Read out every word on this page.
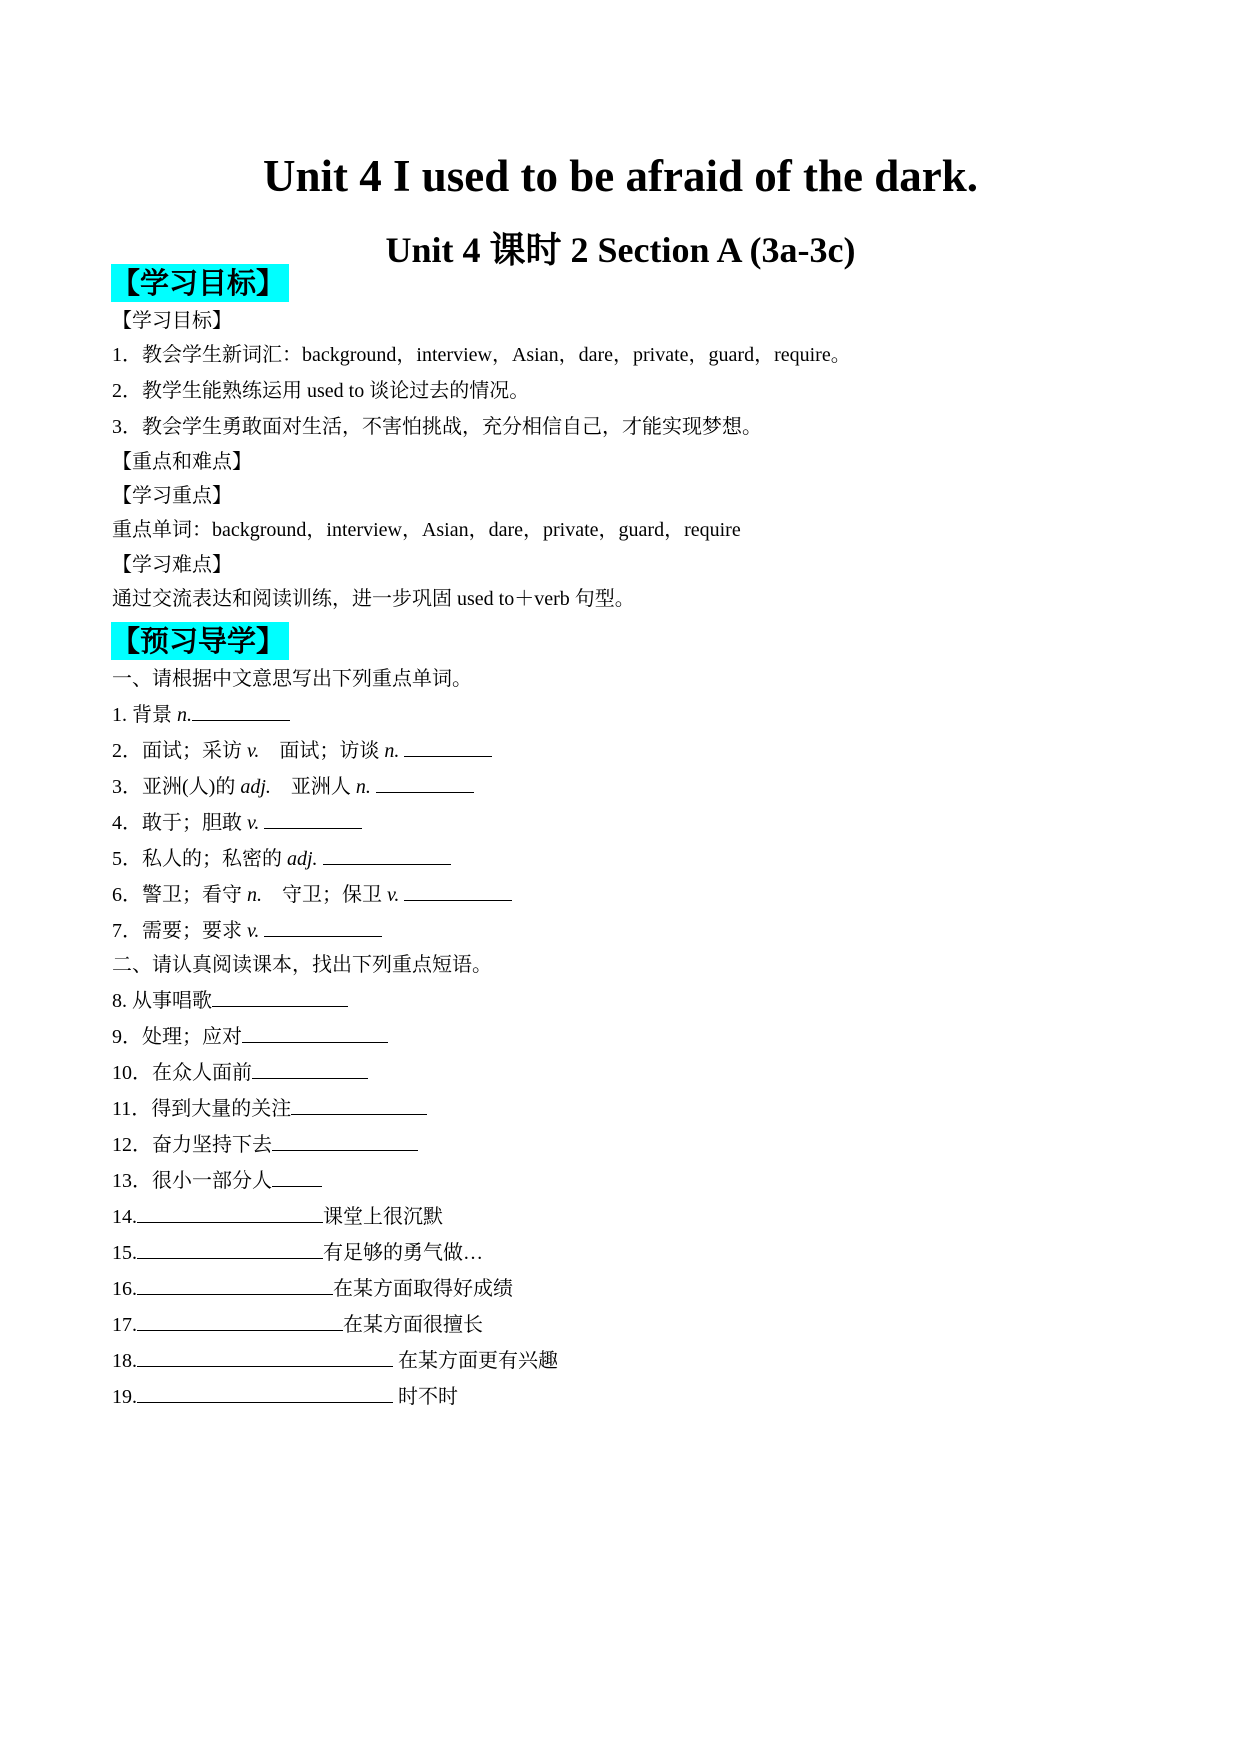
Unit 4 I used to be afraid of the dark.
Unit 4 课时 2 Section A (3a-3c)
【学习目标】
【学习目标】
1．教会学生新词汇：background，interview，Asian，dare，private，guard，require。
2．教学生能熟练运用 used to 谈论过去的情况。
3．教会学生勇敢面对生活，不害怕挑战，充分相信自己，才能实现梦想。
【重点和难点】
【学习重点】
重点单词：background，interview，Asian，dare，private，guard，require
【学习难点】
通过交流表达和阅读训练，进一步巩固 used to＋verb 句型。
【预习导学】
一、请根据中文意思写出下列重点单词。
1. 背景 n.
2．面试；采访 v.　面试；访谈 n.
3．亚洲(人)的 adj.　亚洲人 n.
4．敢于；胆敢 v.
5．私人的；私密的 adj.
6．警卫；看守 n.　守卫；保卫 v.
7．需要；要求 v.
二、请认真阅读课本，找出下列重点短语。
8. 从事唱歌
9．处理；应对
10．在众人面前
11．得到大量的关注
12．奋力坚持下去
13．很小一部分人
14.	课堂上很沉默
15.	有足够的勇气做…
16.	在某方面取得好成绩
17.	在某方面很擅长
18.	在某方面更有兴趣
19.	时不时
